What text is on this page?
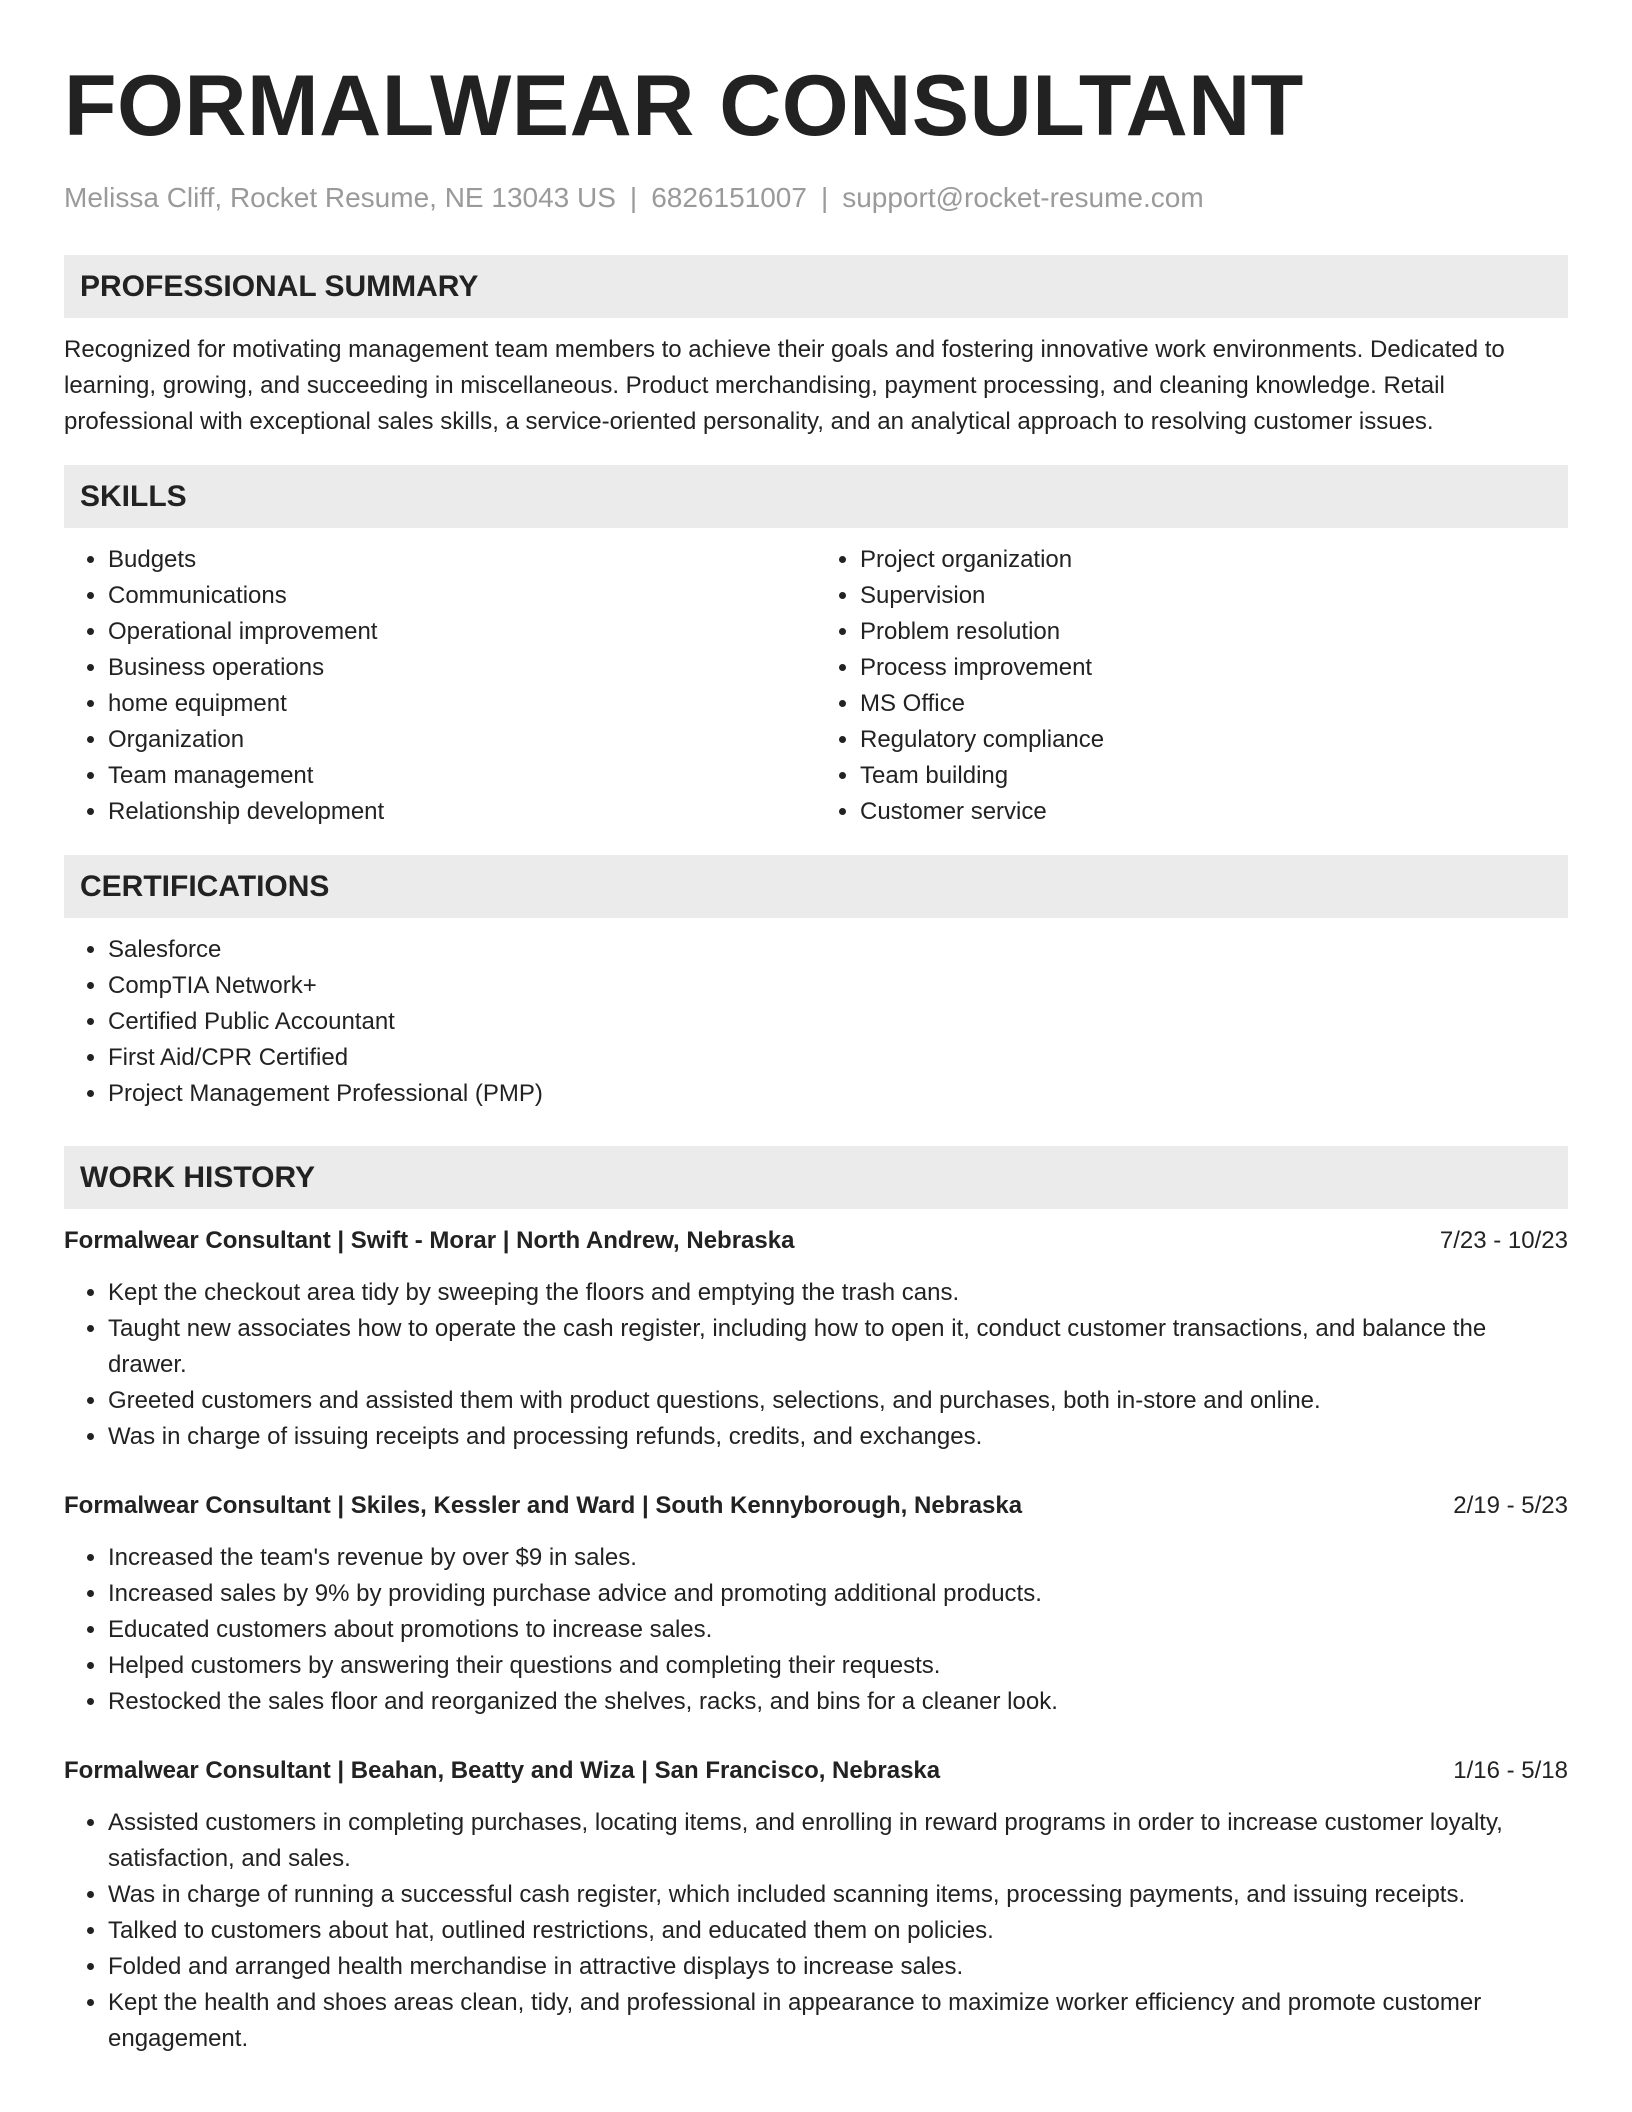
FORMALWEAR CONSULTANT
Melissa Cliff, Rocket Resume, NE 13043 US | 6826151007 | support@rocket-resume.com
PROFESSIONAL SUMMARY
Recognized for motivating management team members to achieve their goals and fostering innovative work environments. Dedicated to learning, growing, and succeeding in miscellaneous. Product merchandising, payment processing, and cleaning knowledge. Retail professional with exceptional sales skills, a service-oriented personality, and an analytical approach to resolving customer issues.
SKILLS
• Budgets
• Communications
• Operational improvement
• Business operations
• home equipment
• Organization
• Team management
• Relationship development
• Project organization
• Supervision
• Problem resolution
• Process improvement
• MS Office
• Regulatory compliance
• Team building
• Customer service
CERTIFICATIONS
• Salesforce
• CompTIA Network+
• Certified Public Accountant
• First Aid/CPR Certified
• Project Management Professional (PMP)
WORK HISTORY
Formalwear Consultant | Swift - Morar | North Andrew, Nebraska	7/23 - 10/23
• Kept the checkout area tidy by sweeping the floors and emptying the trash cans.
• Taught new associates how to operate the cash register, including how to open it, conduct customer transactions, and balance the drawer.
• Greeted customers and assisted them with product questions, selections, and purchases, both in-store and online.
• Was in charge of issuing receipts and processing refunds, credits, and exchanges.
Formalwear Consultant | Skiles, Kessler and Ward | South Kennyborough, Nebraska	2/19 - 5/23
• Increased the team's revenue by over $9 in sales.
• Increased sales by 9% by providing purchase advice and promoting additional products.
• Educated customers about promotions to increase sales.
• Helped customers by answering their questions and completing their requests.
• Restocked the sales floor and reorganized the shelves, racks, and bins for a cleaner look.
Formalwear Consultant | Beahan, Beatty and Wiza | San Francisco, Nebraska	1/16 - 5/18
• Assisted customers in completing purchases, locating items, and enrolling in reward programs in order to increase customer loyalty, satisfaction, and sales.
• Was in charge of running a successful cash register, which included scanning items, processing payments, and issuing receipts.
• Talked to customers about hat, outlined restrictions, and educated them on policies.
• Folded and arranged health merchandise in attractive displays to increase sales.
• Kept the health and shoes areas clean, tidy, and professional in appearance to maximize worker efficiency and promote customer engagement.
